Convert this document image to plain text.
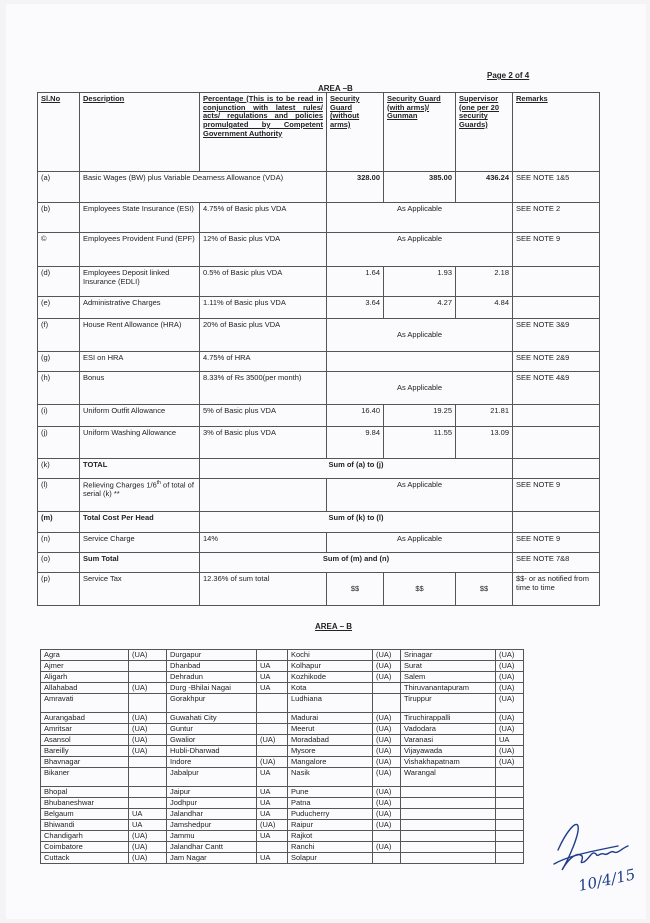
Page 2 of 4
AREA –B
Sl.No	Description	Percentage (This is to be read in conjunction with latest rules/ acts/ regulations and policies promulgated by Competent Government Authority	Security Guard (without arms)	Security Guard (with arms)/ Gunman	Supervisor (one per 20 security Guards)	Remarks
(a)	Basic Wages (BW) plus Variable Dearness Allowance (VDA)		328.00	385.00	436.24	SEE NOTE 1&5
(b)	Employees State Insurance (ESI)	4.75% of Basic plus VDA	As Applicable			SEE NOTE 2
©	Employees Provident Fund (EPF)	12% of Basic plus VDA	As Applicable			SEE NOTE 9
(d)	Employees Deposit linked Insurance (EDLI)	0.5% of Basic plus VDA	1.64	1.93	2.18	
(e)	Administrative Charges	1.11% of Basic plus VDA	3.64	4.27	4.84	
(f)	House Rent Allowance (HRA)	20% of Basic plus VDA	As Applicable			SEE NOTE 3&9
(g)	ESI on HRA	4.75% of HRA				SEE NOTE 2&9
(h)	Bonus	8.33% of Rs 3500(per month)	As Applicable			SEE NOTE 4&9
(i)	Uniform Outfit Allowance	5% of Basic plus VDA	16.40	19.25	21.81	
(j)	Uniform Washing Allowance	3% of Basic plus VDA	9.84	11.55	13.09	
(k)	TOTAL	Sum of (a) to (j)				
(l)	Relieving Charges 1/6th of total of serial (k) **		As Applicable			SEE NOTE 9
(m)	Total Cost Per Head	Sum of (k) to (l)				
(n)	Service Charge	14%	As Applicable			SEE NOTE 9
(o)	Sum Total	Sum of (m) and (n)				SEE NOTE 7&8
(p)	Service Tax	12.36% of sum total	$$	$$	$$	$$- or as notified from time to time
AREA – B
Agra	(UA)	Durgapur		Kochi	(UA)	Srinagar	(UA)
Ajmer		Dhanbad	UA	Kolhapur	(UA)	Surat	(UA)
Aligarh		Dehradun	UA	Kozhikode	(UA)	Salem	(UA)
Allahabad	(UA)	Durg -Bhilai Nagai	UA	Kota		Thiruvanantapuram	(UA)
Amravati		Gorakhpur		Ludhiana		Tiruppur	(UA)
Aurangabad	(UA)	Guwahati City		Madurai	(UA)	Tiruchirappalli	(UA)
Amritsar	(UA)	Guntur		Meerut	(UA)	Vadodara	(UA)
Asansol	(UA)	Gwalior	(UA)	Moradabad	(UA)	Varanasi	UA
Bareilly	(UA)	Hubli-Dharwad		Mysore	(UA)	Vijayawada	(UA)
Bhavnagar		Indore	(UA)	Mangalore	(UA)	Vishakhapatnam	(UA)
Bikaner		Jabalpur	UA	Nasik	(UA)	Warangal	
Bhopal		Jaipur	UA	Pune	(UA)		
Bhubaneshwar		Jodhpur	UA	Patna	(UA)		
Belgaum	UA	Jalandhar	UA	Puducherry	(UA)		
Bhiwandi	UA	Jamshedpur	(UA)	Raipur	(UA)		
Chandigarh	(UA)	Jammu	UA	Rajkot			
Coimbatore	(UA)	Jalandhar Cantt		Ranchi	(UA)		
Cuttack	(UA)	Jam Nagar	UA	Solapur			
10/4/15
